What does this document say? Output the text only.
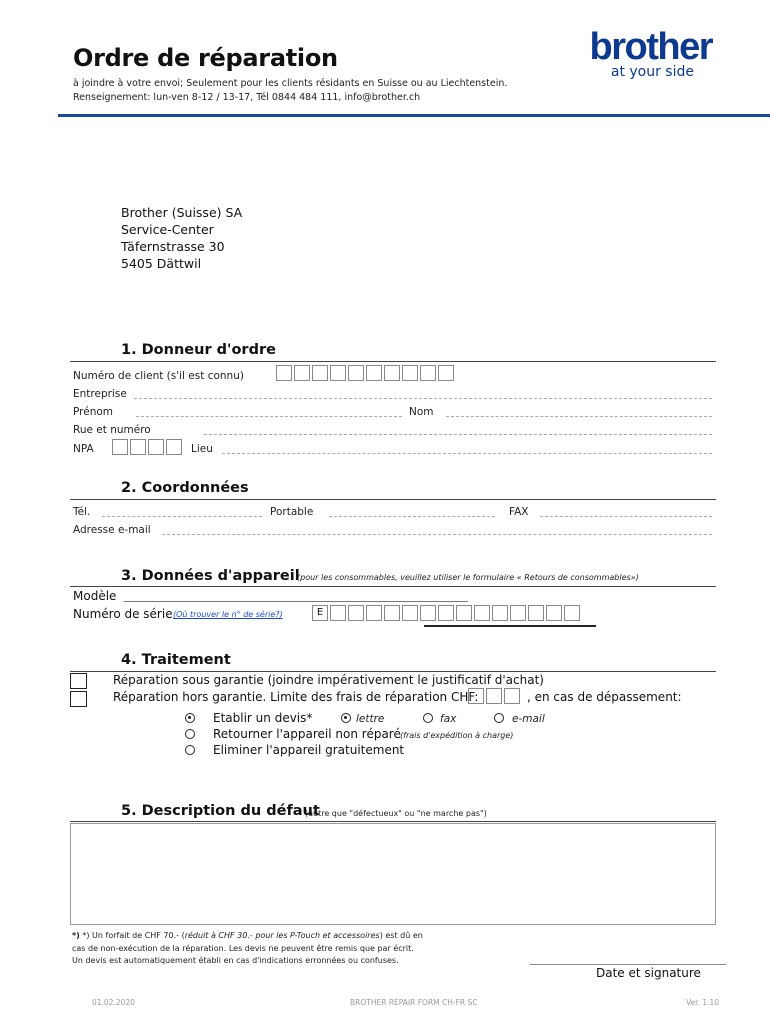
Ordre de réparation
à joindre à votre envoi; Seulement pour les clients résidants en Suisse ou au Liechtenstein.
Renseignement: lun-ven 8-12 / 13-17, Tél 0844 484 111, info@brother.ch
brother
at your side
Brother (Suisse) SA
Service-Center
Täfernstrasse 30
5405 Dättwil
1. Donneur d'ordre
Numéro de client (s'il est connu)
Entreprise
Prénom	Nom
Rue et numéro
NPA	Lieu
2. Coordonnées
Tél.	Portable	FAX
Adresse e-mail
3. Données d'appareil
(pour les consommables, veuillez utiliser le formulaire « Retours de consommables»)
Modèle
Numéro de série (Où trouver le n° de série?)	E
4. Traitement
Réparation sous garantie (joindre impérativement le justificatif d'achat)
Réparation hors garantie. Limite des frais de réparation CHF:	, en cas de dépassement:
Etablir un devis*	lettre	fax	e-mail
Retourner l'appareil non réparé (frais d'expédition à charge)
Eliminer l'appareil gratuitement
5. Description du défaut
(autre que "défectueux" ou "ne marche pas")
*) *) Un forfait de CHF 70.- (réduit à CHF 30.- pour les P-Touch et accessoires) est dû en
cas de non-exécution de la réparation. Les devis ne peuvent être remis que par écrit.
Un devis est automatiquement établi en cas d'indications erronnées ou confuses.
Date et signature
01.02.2020	BROTHER REPAIR FORM CH-FR SC	Ver. 1.10
